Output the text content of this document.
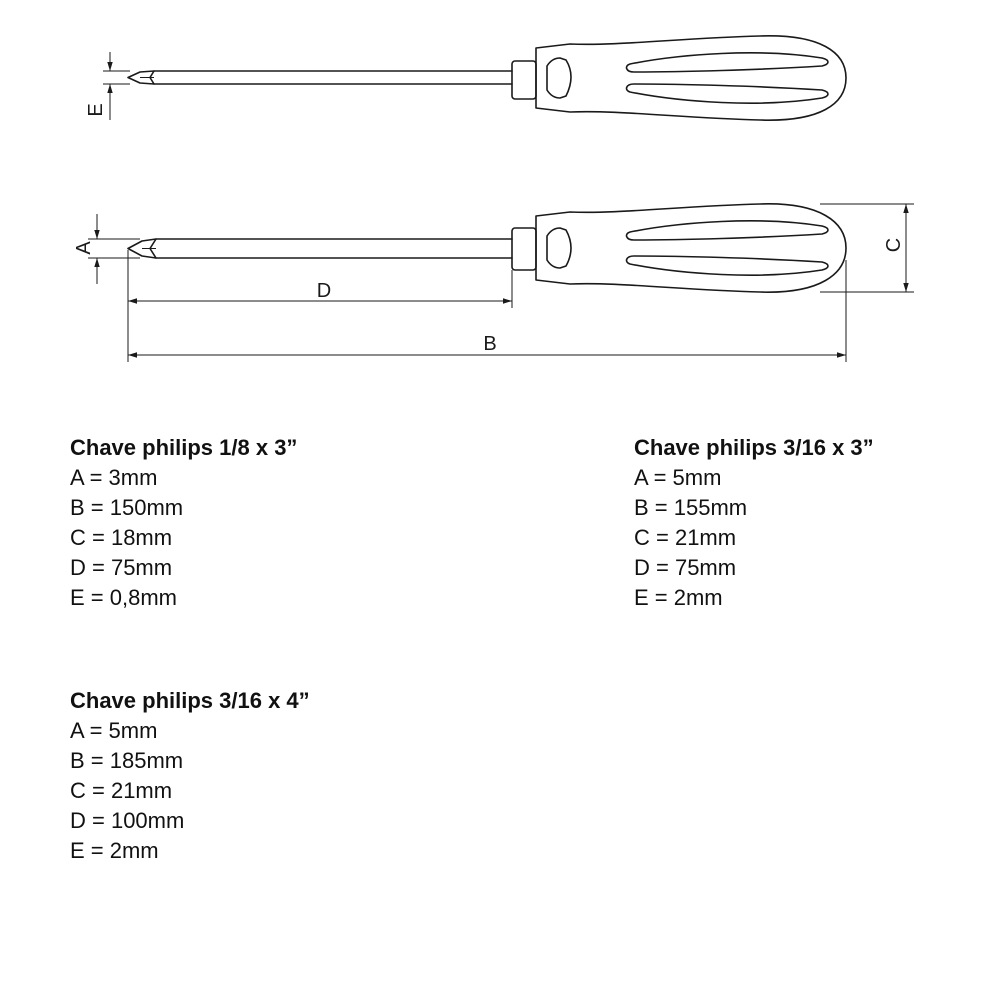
E
A	C
D
B
Chave philips 1/8 x 3”
A = 3mm
B = 150mm
C = 18mm
D = 75mm
E = 0,8mm
Chave philips 3/16 x 3”
A = 5mm
B = 155mm
C = 21mm
D = 75mm
E = 2mm
Chave philips 3/16 x 4”
A = 5mm
B = 185mm
C = 21mm
D = 100mm
E = 2mm
